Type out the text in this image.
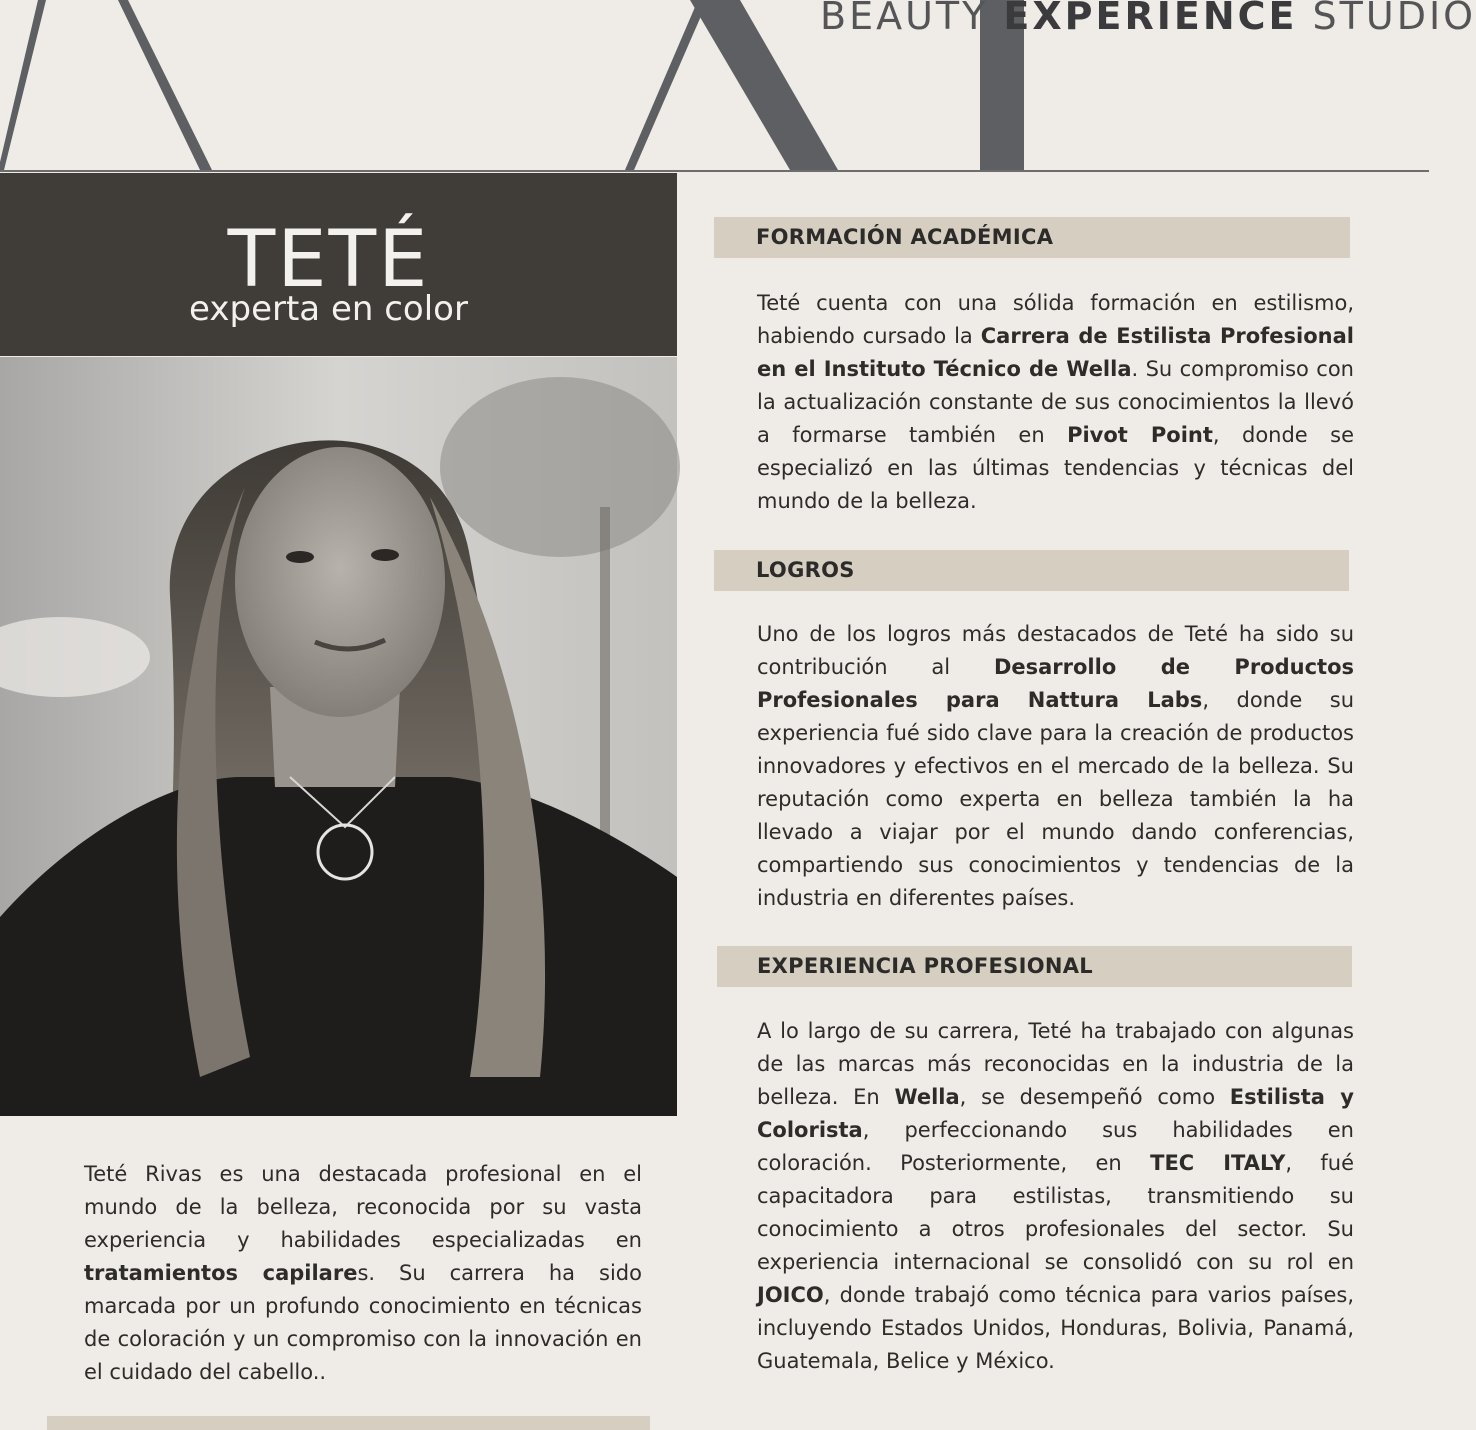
BEAUTY EXPERIENCE STUDIO
TETÉ
experta en color

Teté Rivas es una destacada profesional en el mundo de la belleza, reconocida por su vasta experiencia y habilidades especializadas en tratamientos capilares. Su carrera ha sido marcada por un profundo conocimiento en técnicas de coloración y un compromiso con la innovación en el cuidado del cabello..

FORMACIÓN ACADÉMICA

Teté cuenta con una sólida formación en estilismo, habiendo cursado la Carrera de Estilista Profesional en el Instituto Técnico de Wella. Su compromiso con la actualización constante de sus conocimientos la llevó a formarse también en Pivot Point, donde se especializó en las últimas tendencias y técnicas del mundo de la belleza.

LOGROS

Uno de los logros más destacados de Teté ha sido su contribución al Desarrollo de Productos Profesionales para Nattura Labs, donde su experiencia fué sido clave para la creación de productos innovadores y efectivos en el mercado de la belleza. Su reputación como experta en belleza también la ha llevado a viajar por el mundo dando conferencias, compartiendo sus conocimientos y tendencias de la industria en diferentes países.

EXPERIENCIA PROFESIONAL

A lo largo de su carrera, Teté ha trabajado con algunas de las marcas más reconocidas en la industria de la belleza. En Wella, se desempeñó como Estilista y Colorista, perfeccionando sus habilidades en coloración. Posteriormente, en TEC ITALY, fué capacitadora para estilistas, transmitiendo su conocimiento a otros profesionales del sector. Su experiencia internacional se consolidó con su rol en JOICO, donde trabajó como técnica para varios países, incluyendo Estados Unidos, Honduras, Bolivia, Panamá, Guatemala, Belice y México.
